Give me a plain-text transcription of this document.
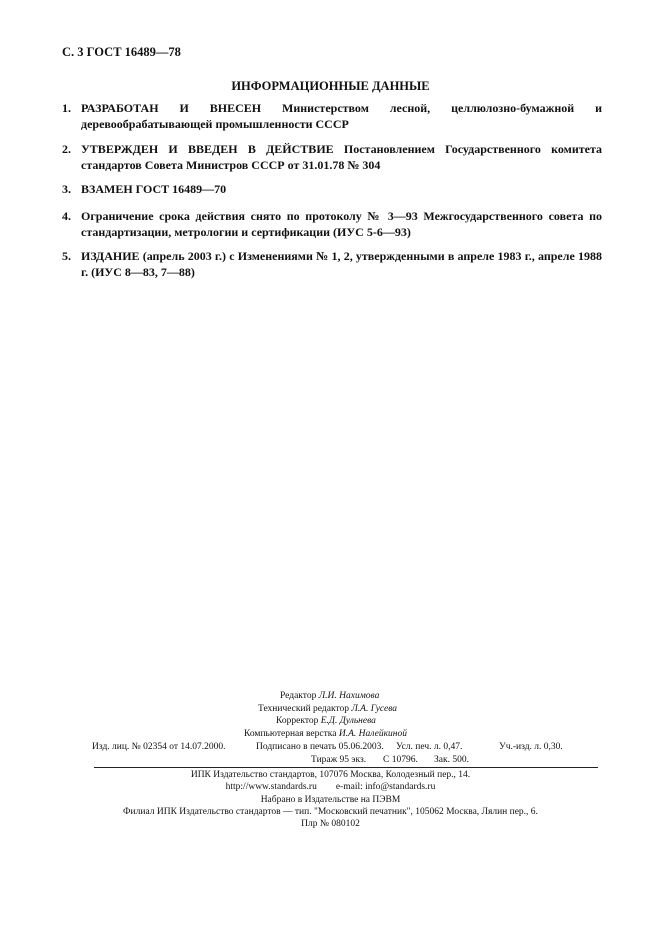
С. 3 ГОСТ 16489—78
ИНФОРМАЦИОННЫЕ ДАННЫЕ
1. РАЗРАБОТАН И ВНЕСЕН Министерством лесной, целлюлозно-бумажной и деревообрабатывающей промышленности СССР
2. УТВЕРЖДЕН И ВВЕДЕН В ДЕЙСТВИЕ Постановлением Государственного комитета стандартов Совета Министров СССР от 31.01.78 № 304
3. ВЗАМЕН ГОСТ 16489—70
4. Ограничение срока действия снято по протоколу № 3—93 Межгосударственного совета по стандартизации, метрологии и сертификации (ИУС 5-6—93)
5. ИЗДАНИЕ (апрель 2003 г.) с Изменениями № 1, 2, утвержденными в апреле 1983 г., апреле 1988 г. (ИУС 8—83, 7—88)
Редактор Л.И. Нахимова
Технический редактор Л.А. Гусева
Корректор Е.Д. Дульнева
Компьютерная верстка И.А. Налейкиной
Изд. лиц. № 02354 от 14.07.2000.	Подписано в печать 05.06.2003. Усл. печ. л. 0,47.	Уч.-изд. л. 0,30.
Тираж 95 экз. С 10796. Зак. 500.
ИПК Издательство стандартов, 107076 Москва, Колодезный пер., 14.
http://www.standards.ru        e-mail: info@standards.ru
Набрано в Издательстве на ПЭВМ
Филиал ИПК Издательство стандартов — тип. "Московский печатник", 105062 Москва, Лялин пер., 6.
Плр № 080102
